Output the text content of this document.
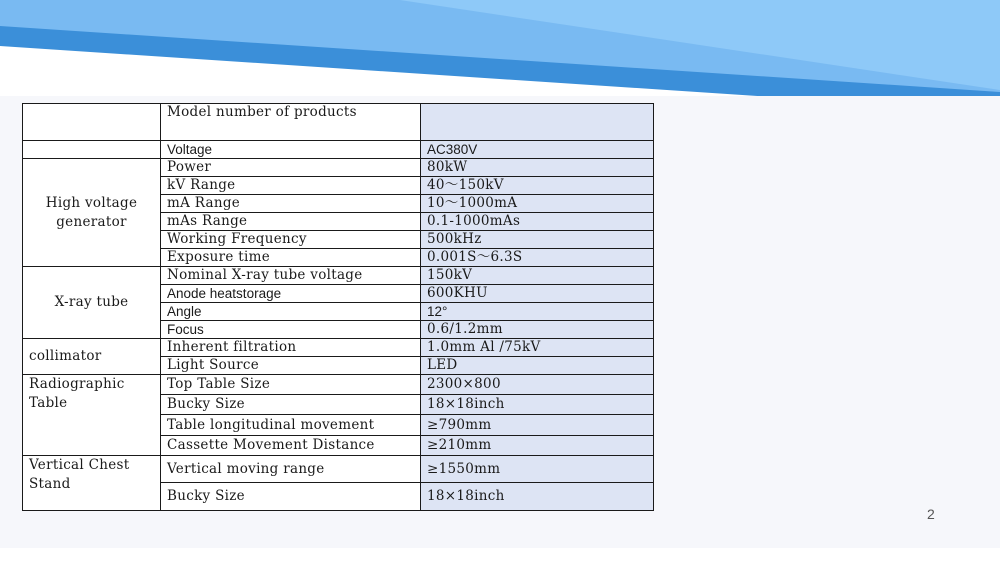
	Model number of products	
	Voltage	AC380V

High voltage generator	Power	80kW
	kV Range	40～150kV
	mA Range	10～1000mA
	mAs Range	0.1-1000mAs
	Working Frequency	500kHz
	Exposure time	0.001S～6.3S

X-ray tube	Nominal X-ray tube voltage	150kV
	Anode heatstorage	600KHU
	Angle	12°
	Focus	0.6/1.2mm

collimator	Inherent filtration	1.0mm Al /75kV
	Light Source	LED

Radiographic Table	Top Table Size	2300×800
	Bucky Size	18×18inch
	Table longitudinal movement	≥790mm
	Cassette Movement Distance	≥210mm

Vertical Chest Stand	Vertical moving range	≥1550mm
	Bucky Size	18×18inch
2
